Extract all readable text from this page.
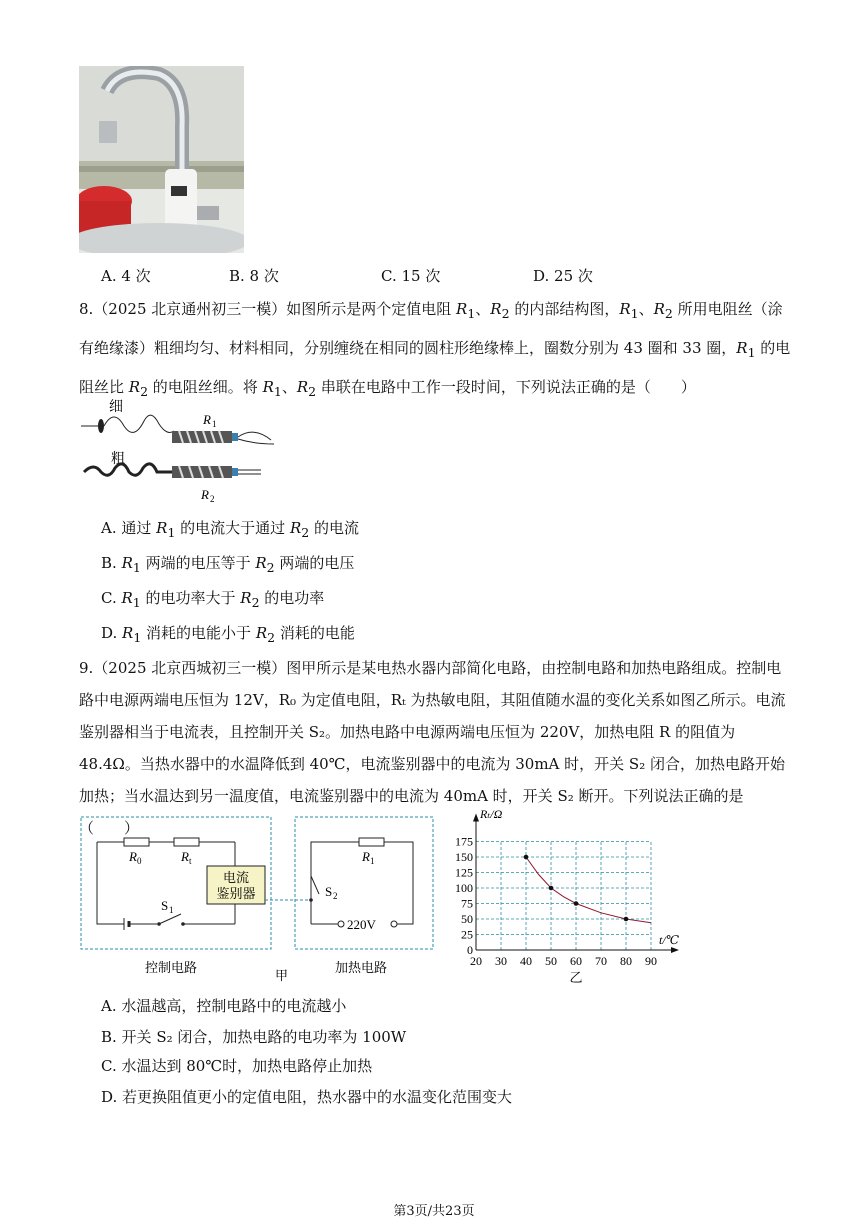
A. 4 次	B. 8 次	C. 15 次	D. 25 次
8.（2025 北京通州初三一模）如图所示是两个定值电阻 $R_1$、$R_2$ 的内部结构图，$R_1$、$R_2$ 所用电阻丝（涂有绝缘漆）粗细均匀、材料相同，分别缠绕在相同的圆柱形绝缘棒上，圈数分别为 43 圈和 33 圈，$R_1$ 的电阻丝比 $R_2$ 的电阻丝细。将 $R_1$、$R_2$ 串联在电路中工作一段时间，下列说法正确的是（　　）
细
R 1
粗
R 2
A. 通过 $R_1$ 的电流大于通过 $R_2$ 的电流
B. $R_1$ 两端的电压等于 $R_2$ 两端的电压
C. $R_1$ 的电功率大于 $R_2$ 的电功率
D. $R_1$ 消耗的电能小于 $R_2$ 消耗的电能
9.（2025 北京西城初三一模）图甲所示是某电热水器内部简化电路，由控制电路和加热电路组成。控制电路中电源两端电压恒为 12V，R₀ 为定值电阻，Rₜ 为热敏电阻，其阻值随水温的变化关系如图乙所示。电流鉴别器相当于电流表，且控制开关 S₂。加热电路中电源两端电压恒为 220V，加热电阻 R 的阻值为 48.4Ω。当热水器中的水温降低到 40℃，电流鉴别器中的电流为 30mA 时，开关 S₂ 闭合，加热电路开始加热；当水温达到另一温度值，电流鉴别器中的电流为 40mA 时，开关 S₂ 断开。下列说法正确的是（　　）
电流
鉴别器
S 1
R 0	R t	R 1
S 2
220V
控制电路
甲
加热电路	20 30 40 50 60 70 80 90
0
25
50
75
100
125
150
175
Rₜ/Ω
t/℃
乙
A. 水温越高，控制电路中的电流越小
B. 开关 S₂ 闭合，加热电路的电功率为 100W
C. 水温达到 80℃时，加热电路停止加热
D. 若更换阻值更小的定值电阻，热水器中的水温变化范围变大
第3页/共23页
